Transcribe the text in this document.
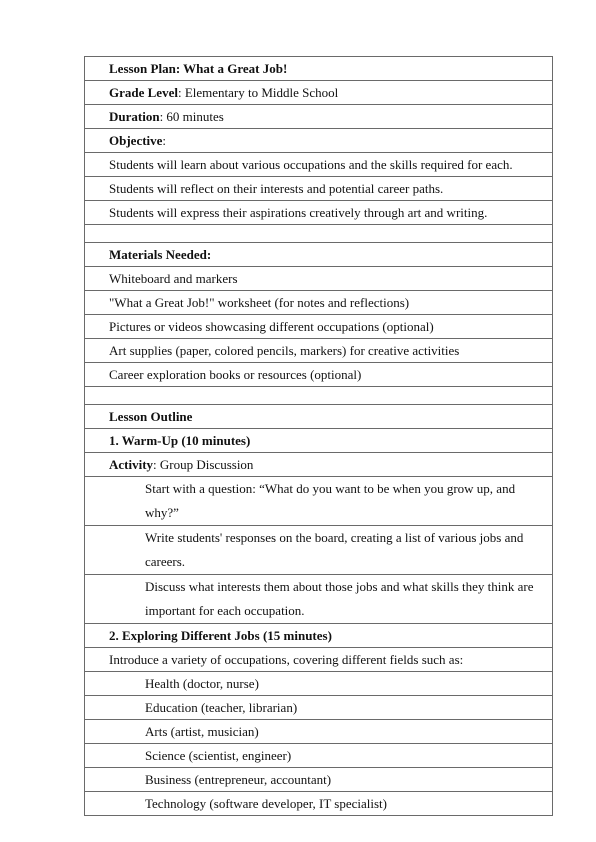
Lesson Plan: What a Great Job!
Grade Level: Elementary to Middle School
Duration: 60 minutes
Objective:
Students will learn about various occupations and the skills required for each.
Students will reflect on their interests and potential career paths.
Students will express their aspirations creatively through art and writing.

Materials Needed:
Whiteboard and markers
"What a Great Job!" worksheet (for notes and reflections)
Pictures or videos showcasing different occupations (optional)
Art supplies (paper, colored pencils, markers) for creative activities
Career exploration books or resources (optional)

Lesson Outline
1. Warm-Up (10 minutes)
Activity: Group Discussion
Start with a question: “What do you want to be when you grow up, and why?”
Write students' responses on the board, creating a list of various jobs and careers.
Discuss what interests them about those jobs and what skills they think are important for each occupation.
2. Exploring Different Jobs (15 minutes)
Introduce a variety of occupations, covering different fields such as:
Health (doctor, nurse)
Education (teacher, librarian)
Arts (artist, musician)
Science (scientist, engineer)
Business (entrepreneur, accountant)
Technology (software developer, IT specialist)
